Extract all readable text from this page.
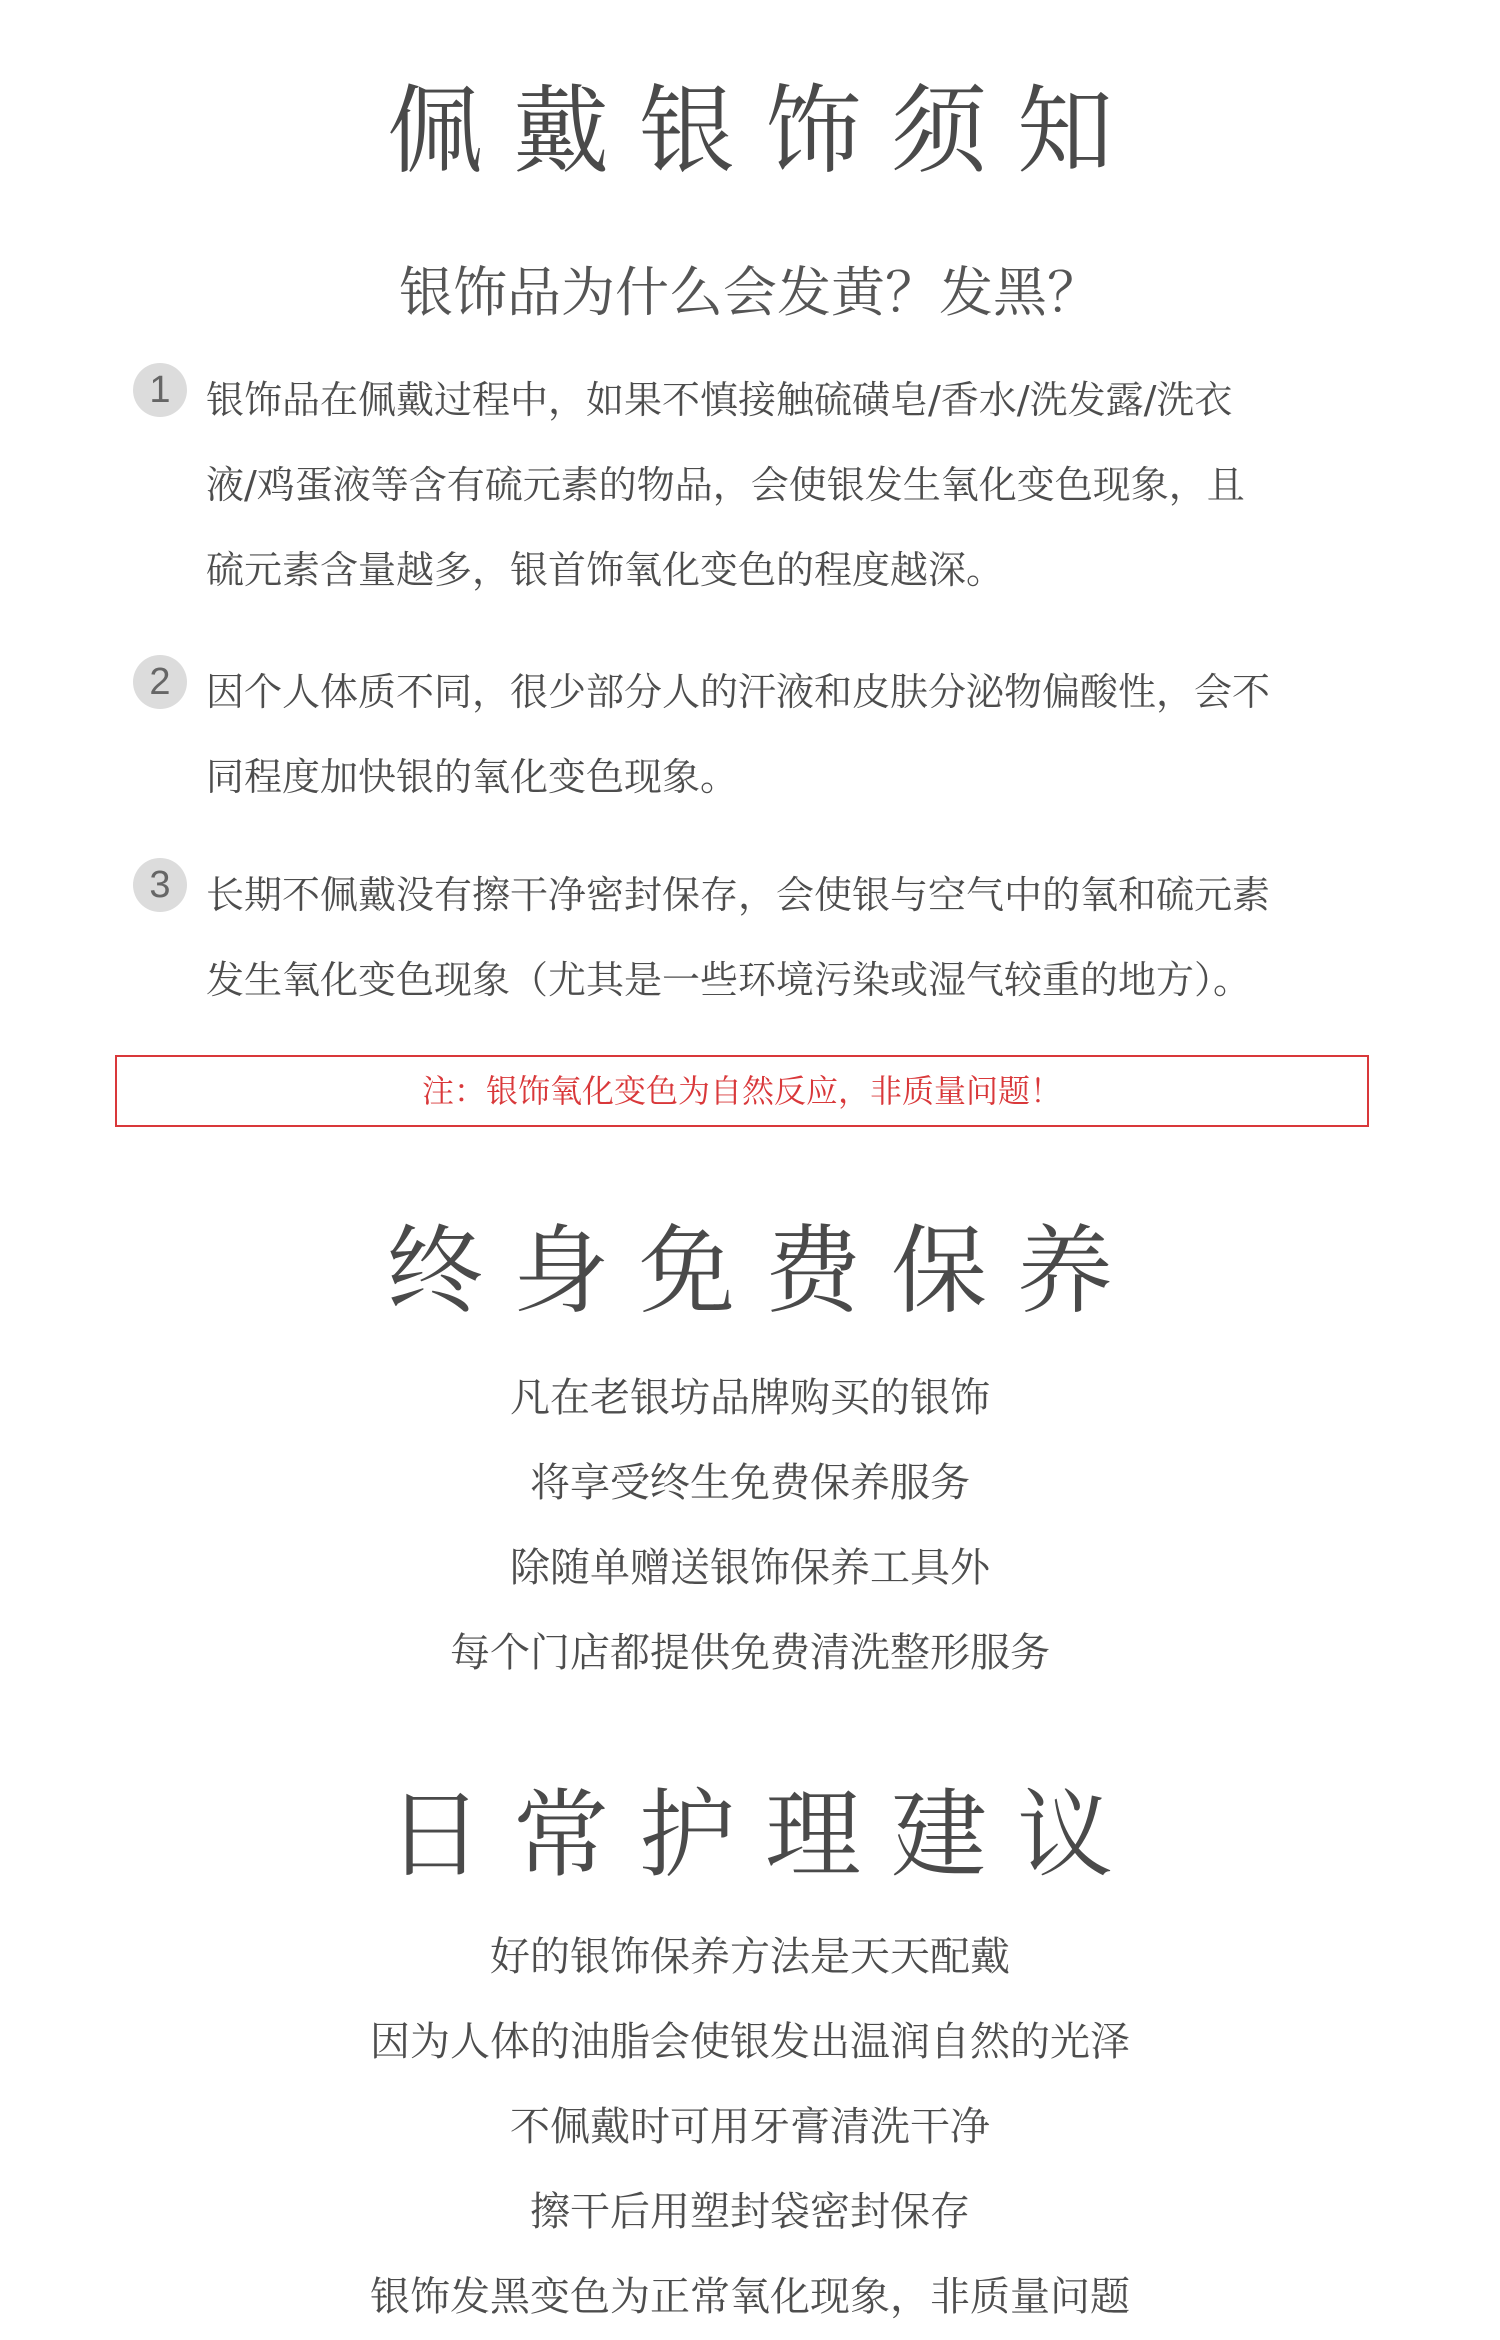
佩戴银饰须知
银饰品为什么会发黄？发黑？
1 银饰品在佩戴过程中，如果不慎接触硫磺皂/香水/洗发露/洗衣
液/鸡蛋液等含有硫元素的物品，会使银发生氧化变色现象，且
硫元素含量越多，银首饰氧化变色的程度越深。
2 因个人体质不同，很少部分人的汗液和皮肤分泌物偏酸性，会不
同程度加快银的氧化变色现象。
3 长期不佩戴没有擦干净密封保存，会使银与空气中的氧和硫元素
发生氧化变色现象（尤其是一些环境污染或湿气较重的地方）。
注：银饰氧化变色为自然反应，非质量问题！
终身免费保养
凡在老银坊品牌购买的银饰
将享受终生免费保养服务
除随单赠送银饰保养工具外
每个门店都提供免费清洗整形服务
日常护理建议
好的银饰保养方法是天天配戴
因为人体的油脂会使银发出温润自然的光泽
不佩戴时可用牙膏清洗干净
擦干后用塑封袋密封保存
银饰发黑变色为正常氧化现象，非质量问题
